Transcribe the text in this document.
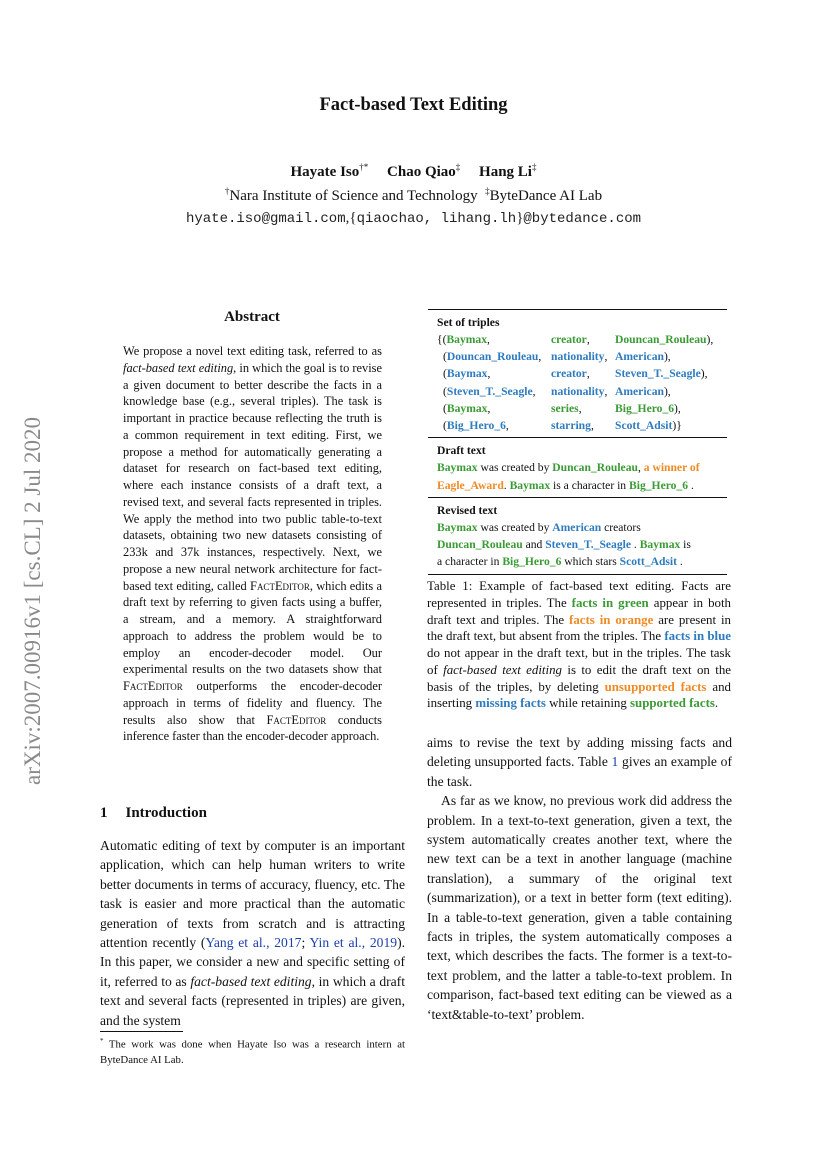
Fact-based Text Editing
Hayate Iso†* Chao Qiao‡ Hang Li‡
†Nara Institute of Science and Technology ‡ByteDance AI Lab
hyate.iso@gmail.com,{qiaochao, lihang.lh}@bytedance.com
arXiv:2007.00916v1 [cs.CL] 2 Jul 2020
Abstract
We propose a novel text editing task, referred to as fact-based text editing, in which the goal is to revise a given document to better describe the facts in a knowledge base (e.g., several triples). The task is important in practice because reflecting the truth is a common requirement in text editing. First, we propose a method for automatically generating a dataset for research on fact-based text editing, where each instance consists of a draft text, a revised text, and several facts represented in triples. We apply the method into two public table-to-text datasets, obtaining two new datasets consisting of 233k and 37k instances, respectively. Next, we propose a new neural network architecture for fact-based text editing, called FactEditor, which edits a draft text by referring to given facts using a buffer, a stream, and a memory. A straightforward approach to address the problem would be to employ an encoder-decoder model. Our experimental results on the two datasets show that FactEditor outperforms the encoder-decoder approach in terms of fidelity and fluency. The results also show that FactEditor conducts inference faster than the encoder-decoder approach.
1 Introduction
Automatic editing of text by computer is an important application, which can help human writers to write better documents in terms of accuracy, fluency, etc. The task is easier and more practical than the automatic generation of texts from scratch and is attracting attention recently (Yang et al., 2017; Yin et al., 2019). In this paper, we consider a new and specific setting of it, referred to as fact-based text editing, in which a draft text and several facts (represented in triples) are given, and the system
* The work was done when Hayate Iso was a research intern at ByteDance AI Lab.
Set of triples
{(Baymax,	creator,	Douncan_Rouleau),
(Douncan_Rouleau, nationality, American),
(Baymax,	creator,	Steven_T._Seagle),
(Steven_T._Seagle,	nationality, American),
(Baymax,	series,	Big_Hero_6),
(Big_Hero_6,	starring,	Scott_Adsit)}
Draft text
Baymax was created by Duncan_Rouleau, a winner of
Eagle_Award. Baymax is a character in Big_Hero_6 .
Revised text
Baymax was created by American creators
Duncan_Rouleau and Steven_T._Seagle . Baymax is
a character in Big_Hero_6 which stars Scott_Adsit .
Table 1: Example of fact-based text editing. Facts are represented in triples. The facts in green appear in both draft text and triples. The facts in orange are present in the draft text, but absent from the triples. The facts in blue do not appear in the draft text, but in the triples. The task of fact-based text editing is to edit the draft text on the basis of the triples, by deleting unsupported facts and inserting missing facts while retaining supported facts.

aims to revise the text by adding missing facts and deleting unsupported facts. Table 1 gives an example of the task.

As far as we know, no previous work did address the problem. In a text-to-text generation, given a text, the system automatically creates another text, where the new text can be a text in another language (machine translation), a summary of the original text (summarization), or a text in better form (text editing). In a table-to-text generation, given a table containing facts in triples, the system automatically composes a text, which describes the facts. The former is a text-to-text problem, and the latter a table-to-text problem. In comparison, fact-based text editing can be viewed as a ‘text&table-to-text’ problem.
